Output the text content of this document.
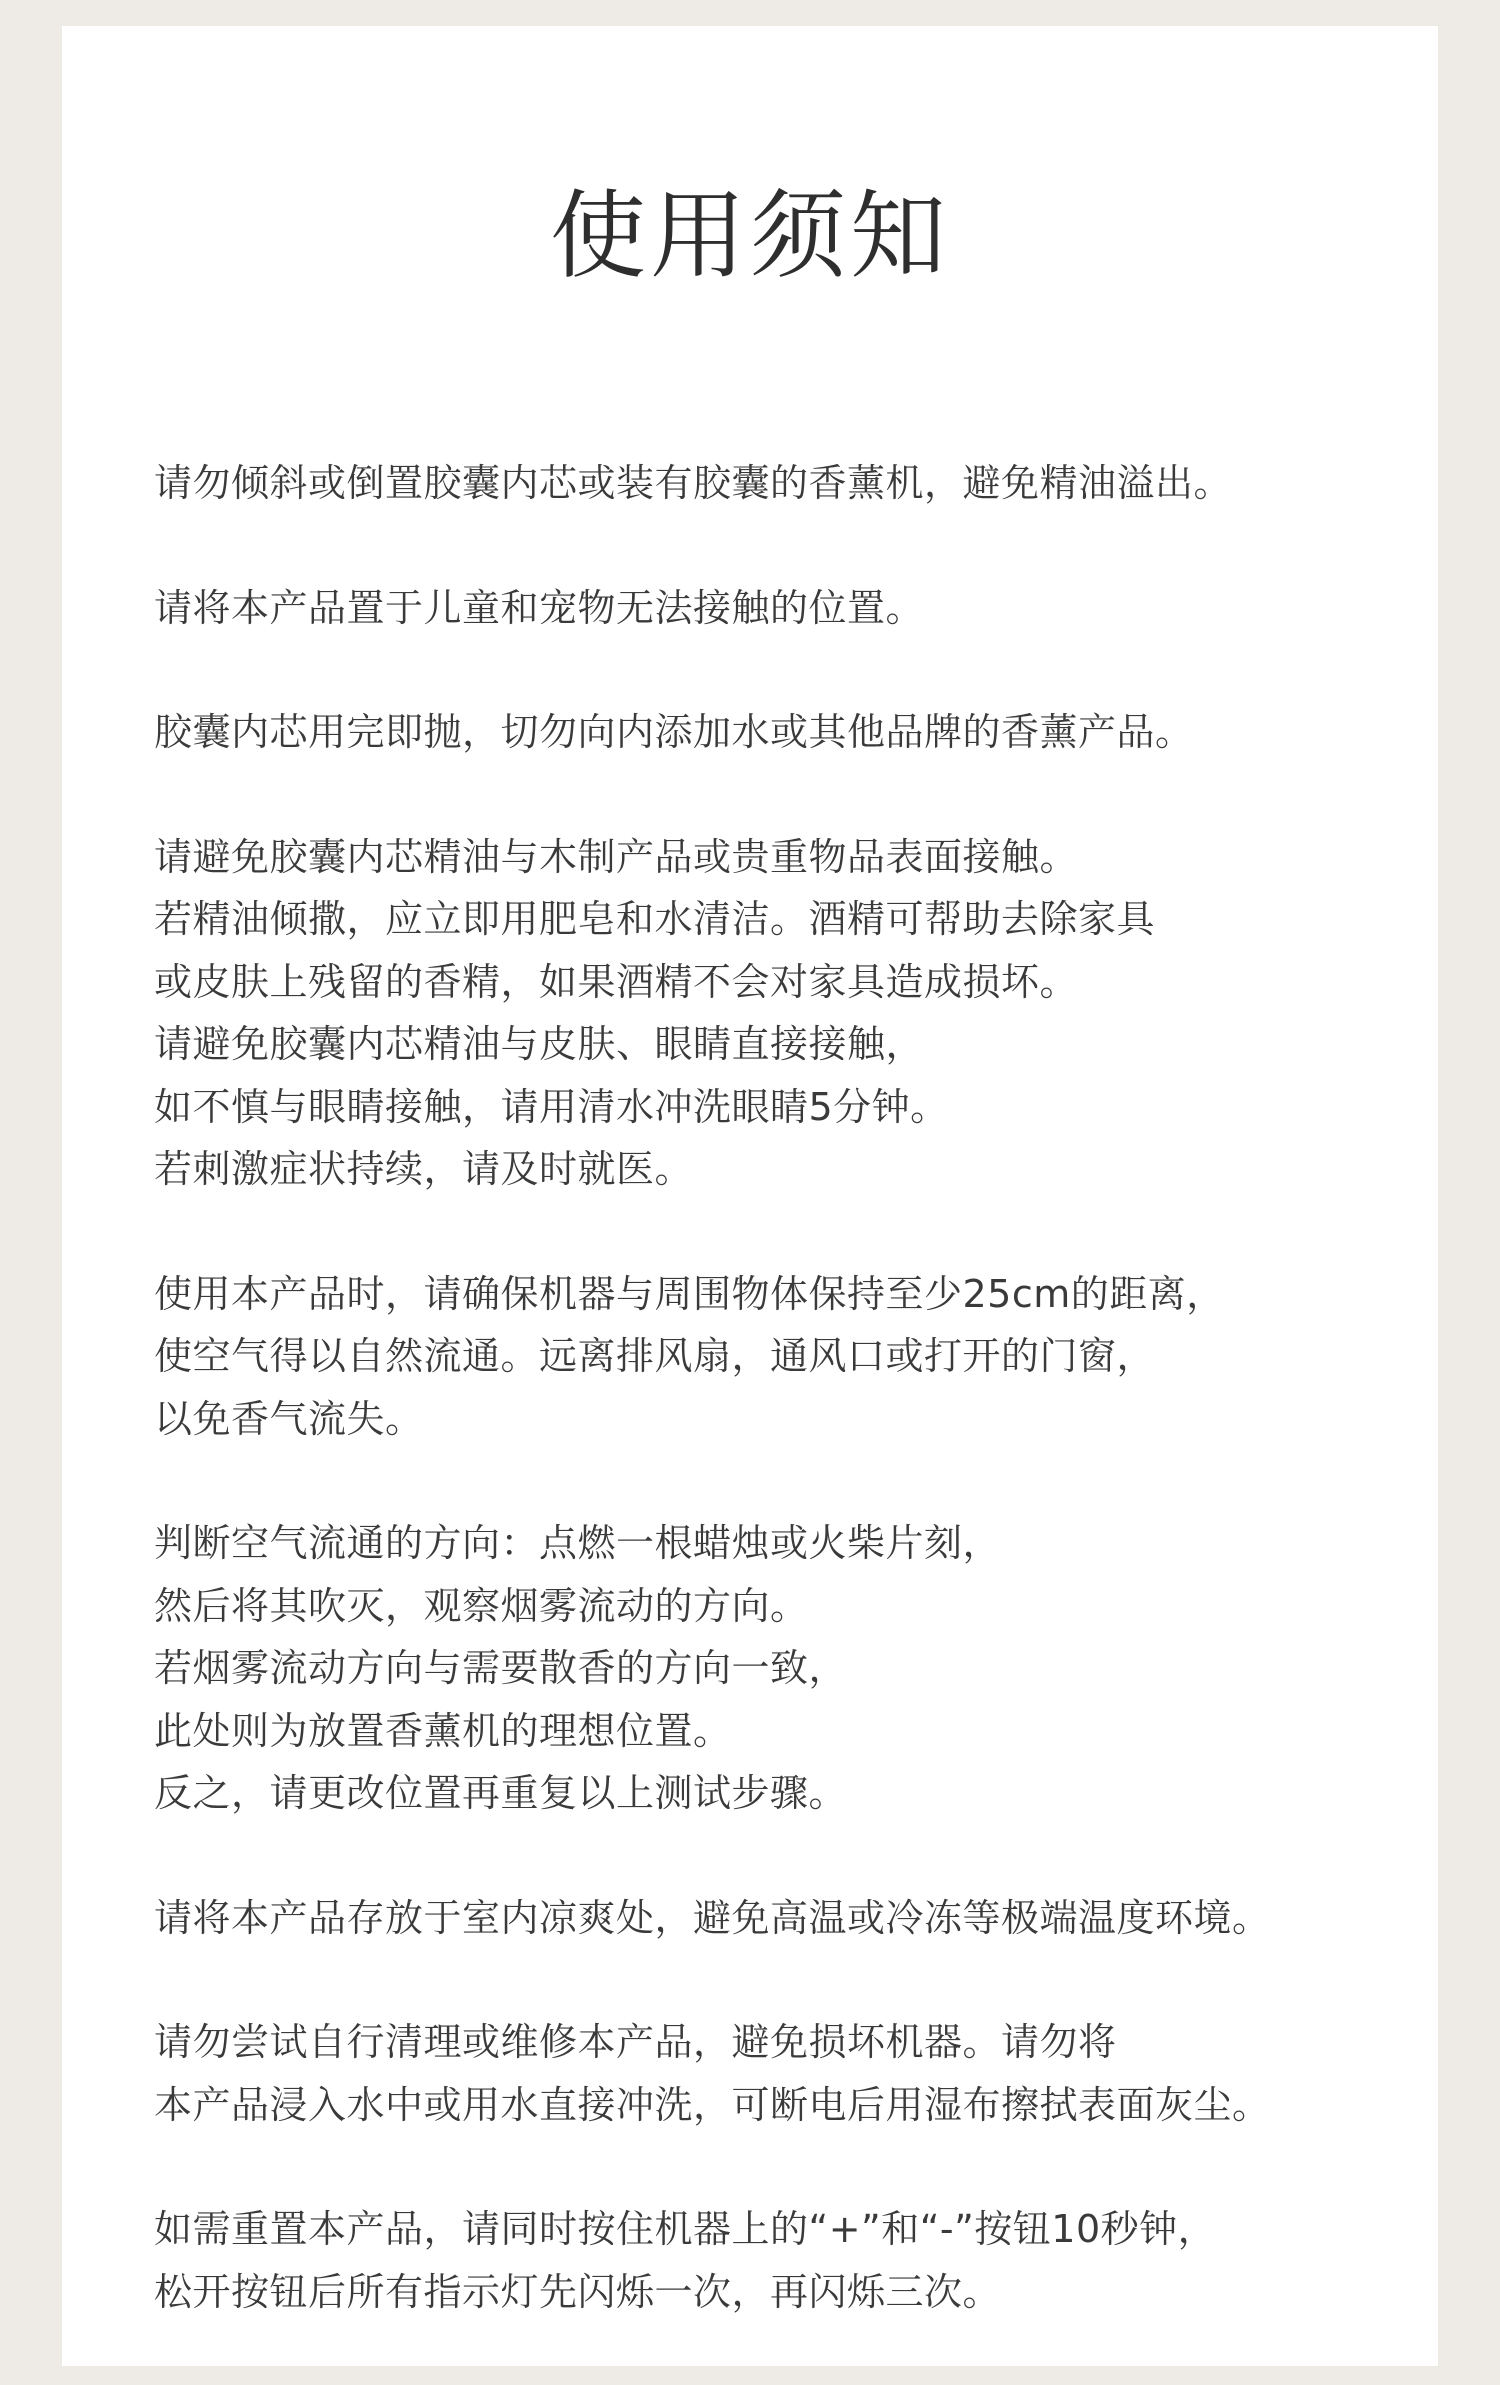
使用须知
请勿倾斜或倒置胶囊内芯或装有胶囊的香薰机，避免精油溢出。
请将本产品置于儿童和宠物无法接触的位置。
胶囊内芯用完即抛，切勿向内添加水或其他品牌的香薰产品。
请避免胶囊内芯精油与木制产品或贵重物品表面接触。
若精油倾撒，应立即用肥皂和水清洁。酒精可帮助去除家具
或皮肤上残留的香精，如果酒精不会对家具造成损坏。
请避免胶囊内芯精油与皮肤、眼睛直接接触，
如不慎与眼睛接触，请用清水冲洗眼睛5分钟。
若刺激症状持续，请及时就医。
使用本产品时，请确保机器与周围物体保持至少25cm的距离，
使空气得以自然流通。远离排风扇，通风口或打开的门窗，
以免香气流失。
判断空气流通的方向：点燃一根蜡烛或火柴片刻，
然后将其吹灭，观察烟雾流动的方向。
若烟雾流动方向与需要散香的方向一致，
此处则为放置香薰机的理想位置。
反之，请更改位置再重复以上测试步骤。
请将本产品存放于室内凉爽处，避免高温或冷冻等极端温度环境。
请勿尝试自行清理或维修本产品，避免损坏机器。请勿将
本产品浸入水中或用水直接冲洗，可断电后用湿布擦拭表面灰尘。
如需重置本产品，请同时按住机器上的“+”和“-”按钮10秒钟，
松开按钮后所有指示灯先闪烁一次，再闪烁三次。
